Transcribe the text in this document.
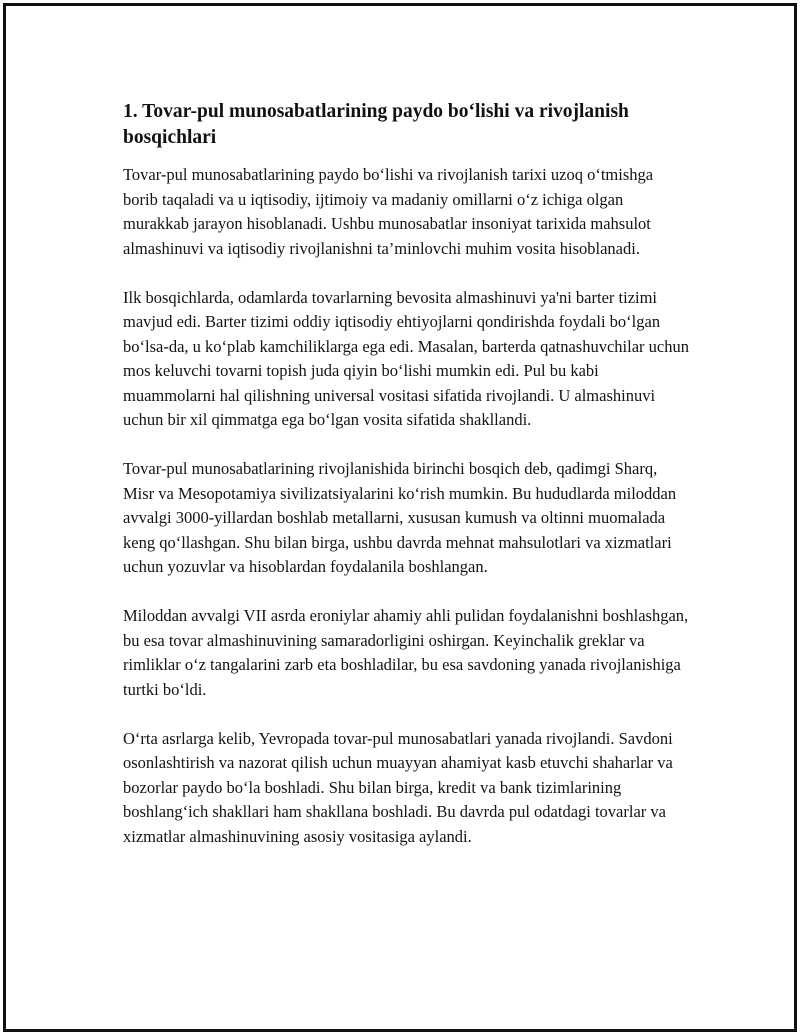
1. Tovar-pul munosabatlarining paydo bo‘lishi va rivojlanish bosqichlari

Tovar-pul munosabatlarining paydo bo‘lishi va rivojlanish tarixi uzoq o‘tmishga borib taqaladi va u iqtisodiy, ijtimoiy va madaniy omillarni o‘z ichiga olgan murakkab jarayon hisoblanadi. Ushbu munosabatlar insoniyat tarixida mahsulot almashinuvi va iqtisodiy rivojlanishni ta’minlovchi muhim vosita hisoblanadi.

Ilk bosqichlarda, odamlarda tovarlarning bevosita almashinuvi ya'ni barter tizimi mavjud edi. Barter tizimi oddiy iqtisodiy ehtiyojlarni qondirishda foydali bo‘lgan bo‘lsa-da, u ko‘plab kamchiliklarga ega edi. Masalan, barterda qatnashuvchilar uchun mos keluvchi tovarni topish juda qiyin bo‘lishi mumkin edi. Pul bu kabi muammolarni hal qilishning universal vositasi sifatida rivojlandi. U almashinuvi uchun bir xil qimmatga ega bo‘lgan vosita sifatida shakllandi.

Tovar-pul munosabatlarining rivojlanishida birinchi bosqich deb, qadimgi Sharq, Misr va Mesopotamiya sivilizatsiyalarini ko‘rish mumkin. Bu hududlarda miloddan avvalgi 3000-yillardan boshlab metallarni, xususan kumush va oltinni muomalada keng qo‘llashgan. Shu bilan birga, ushbu davrda mehnat mahsulotlari va xizmatlari uchun yozuvlar va hisoblardan foydalanila boshlangan.

Miloddan avvalgi VII asrda eroniylar ahamiy ahli pulidan foydalanishni boshlashgan, bu esa tovar almashinuvining samaradorligini oshirgan. Keyinchalik greklar va rimliklar o‘z tangalarini zarb eta boshladilar, bu esa savdoning yanada rivojlanishiga turtki bo‘ldi.

O‘rta asrlarga kelib, Yevropada tovar-pul munosabatlari yanada rivojlandi. Savdoni osonlashtirish va nazorat qilish uchun muayyan ahamiyat kasb etuvchi shaharlar va bozorlar paydo bo‘la boshladi. Shu bilan birga, kredit va bank tizimlarining boshlang‘ich shakllari ham shakllana boshladi. Bu davrda pul odatdagi tovarlar va xizmatlar almashinuvining asosiy vositasiga aylandi.
